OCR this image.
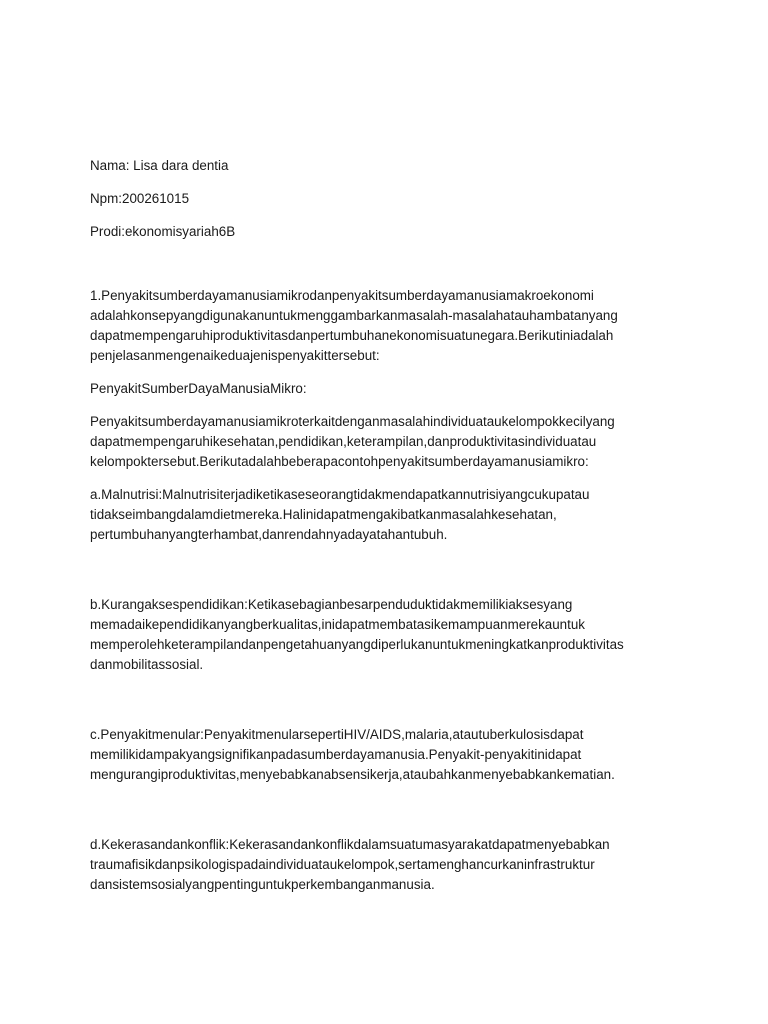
Nama: Lisa dara dentia

Npm:200261015

Prodi:ekonomisyariah6B

1.Penyakitsumberdayamanusiamikrodanpenyakitsumberdayamanusiamakroekonomi

adalahkonsepyangdigunakanuntukmenggambarkanmasalah-masalahatauhambatanyang

dapatmempengaruhiproduktivitasdanpertumbuhanekonomisuatunegara.Berikutiniadalah

penjelasanmengenaikeduajenispenyakittersebut:

PenyakitSumberDayaManusiaMikro:

Penyakitsumberdayamanusiamikroterkaitdenganmasalahindividuataukelompokkecilyang

dapatmempengaruhikesehatan,pendidikan,keterampilan,danproduktivitasindividuatau

kelompoktersebut.Berikutadalahbeberapacontohpenyakitsumberdayamanusiamikro:

a.Malnutrisi:Malnutrisiterjadiketikaseseorangtidakmendapatkannutrisiyangcukupatau

tidakseimbangdalamdietmereka.Halinidapatmengakibatkanmasalahkesehatan,

pertumbuhanyangterhambat,danrendahnyadayatahantubuh.

b.Kurangaksespendidikan:Ketikasebagianbesarpenduduktidakmemilikiaksesyang

memadaikependidikanyangberkualitas,inidapatmembatasikemampuanmerekauntuk

memperolehketerampilandanpengetahuanyangdiperlukanuntukmeningkatkanproduktivitas

danmobilitassosial.

c.Penyakitmenular:PenyakitmenularsepertiHIV/AIDS,malaria,atautuberkulosisdapat

memilikidampakyangsignifikanpadasumberdayamanusia.Penyakit-penyakitinidapat

mengurangiproduktivitas,menyebabkanabsensikerja,ataubahkanmenyebabkankematian.

d.Kekerasandankonflik:Kekerasandankonflikdalamsuatumasyarakatdapatmenyebabkan

traumafisikdanpsikologispadaindividuataukelompok,sertamenghancurkaninfrastruktur

dansistemsosialyangpentinguntukperkembanganmanusia.
